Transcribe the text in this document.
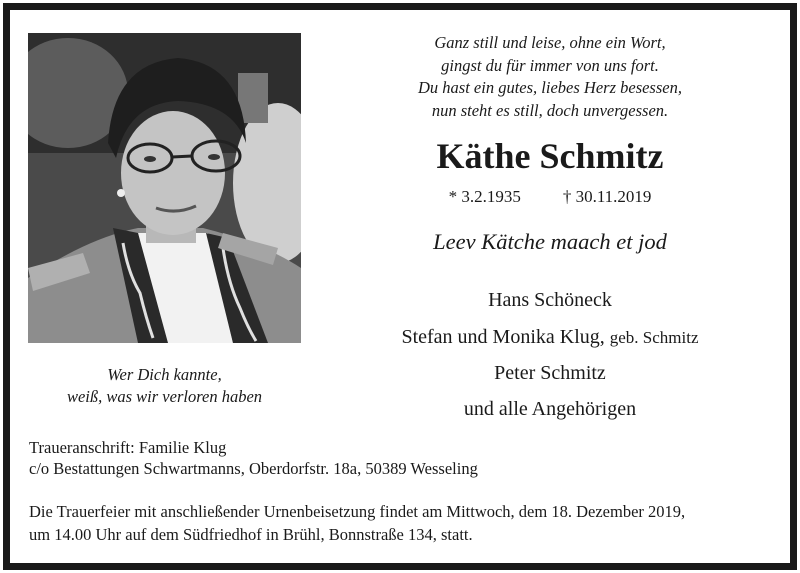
Ganz still und leise, ohne ein Wort,
gingst du für immer von uns fort.
Du hast ein gutes, liebes Herz besessen,
nun steht es still, doch unvergessen.
Käthe Schmitz
* 3.2.1935 † 30.11.2019
Leev Kätche maach et jod
Hans Schöneck
Stefan und Monika Klug, geb. Schmitz
Peter Schmitz
und alle Angehörigen
Wer Dich kannte,
weiß, was wir verloren haben
Traueranschrift: Familie Klug
c/o Bestattungen Schwartmanns, Oberdorfstr. 18a, 50389 Wesseling
Die Trauerfeier mit anschließender Urnenbeisetzung findet am Mittwoch, dem 18. Dezember 2019,
um 14.00 Uhr auf dem Südfriedhof in Brühl, Bonnstraße 134, statt.
